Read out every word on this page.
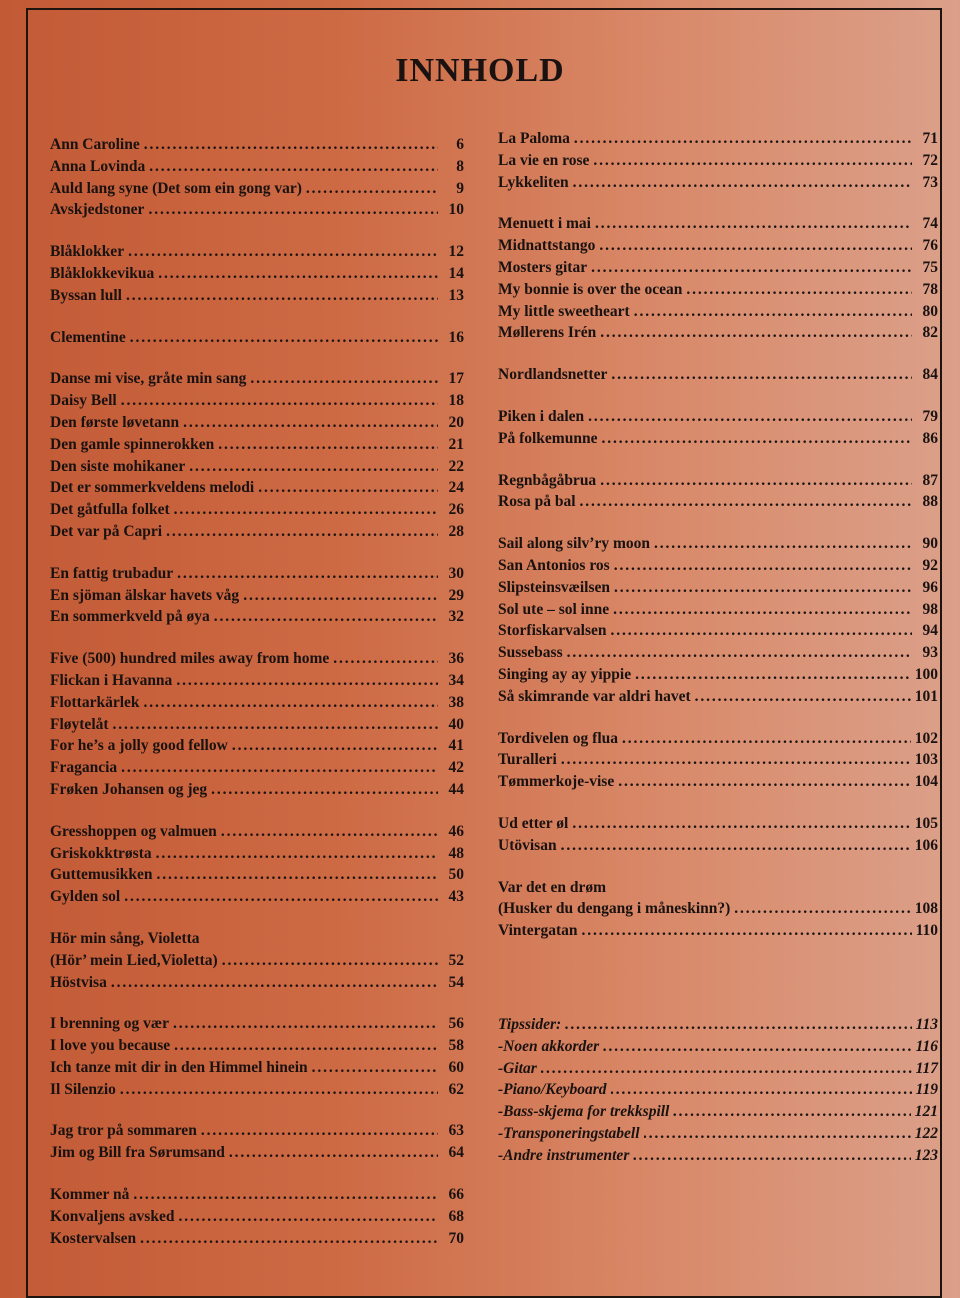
INNHOLD
Ann Caroline . . .	6
Anna Lovinda . . .	8
Auld lang syne (Det som ein gong var) . . .	9
Avskjedstoner . . .	10
Blåklokker . . .	12
Blåklokkevikua . . .	14
Byssan lull . . .	13
Clementine . . .	16
Danse mi vise, gråte min sang . . .	17
Daisy Bell . . .	18
Den første løvetann . . .	20
Den gamle spinnerokken . . .	21
Den siste mohikaner . . .	22
Det er sommerkveldens melodi . . .	24
Det gåtfulla folket . . .	26
Det var på Capri . . .	28
En fattig trubadur . . .	30
En sjöman älskar havets våg . . .	29
En sommerkveld på øya . . .	32
Five (500) hundred miles away from home . . .	36
Flickan i Havanna . . .	34
Flottarkärlek . . .	38
Fløytelåt . . .	40
For he’s a jolly good fellow . . .	41
Fragancia . . .	42
Frøken Johansen og jeg . . .	44
Gresshoppen og valmuen . . .	46
Griskokktrøsta . . .	48
Guttemusikken . . .	50
Gylden sol . . .	43
Hör min sång, Violetta
(Hör’ mein Lied,Violetta) . . .	52
Höstvisa . . .	54
I brenning og vær . . .	56
I love you because . . .	58
Ich tanze mit dir in den Himmel hinein . . .	60
Il Silenzio . . .	62
Jag tror på sommaren . . .	63
Jim og Bill fra Sørumsand . . .	64
Kommer nå . . .	66
Konvaljens avsked . . .	68
Kostervalsen . . .	70
La Paloma . . .	71
La vie en rose . . .	72
Lykkeliten . . .	73
Menuett i mai . . .	74
Midnattstango . . .	76
Mosters gitar . . .	75
My bonnie is over the ocean . . .	78
My little sweetheart . . .	80
Møllerens Irén . . .	82
Nordlandsnetter . . .	84
Piken i dalen . . .	79
På folkemunne . . .	86
Regnbågåbrua . . .	87
Rosa på bal . . .	88
Sail along silv’ry moon . . .	90
San Antonios ros . . .	92
Slipsteinsvæilsen . . .	96
Sol ute – sol inne . . .	98
Storfiskarvalsen . . .	94
Sussebass . . .	93
Singing ay ay yippie . . .	100
Så skimrande var aldri havet . . .	101
Tordivelen og flua . . .	102
Turalleri . . .	103
Tømmerkoje-vise . . .	104
Ud etter øl . . .	105
Utövisan . . .	106
Var det en drøm
(Husker du dengang i måneskinn?) . . .	108
Vintergatan . . .	110
Tipssider: . . .	113
-Noen akkorder . . .	116
-Gitar . . .	117
-Piano/Keyboard . . .	119
-Bass-skjema for trekkspill . . .	121
-Transponeringstabell . . .	122
-Andre instrumenter . . .	123
